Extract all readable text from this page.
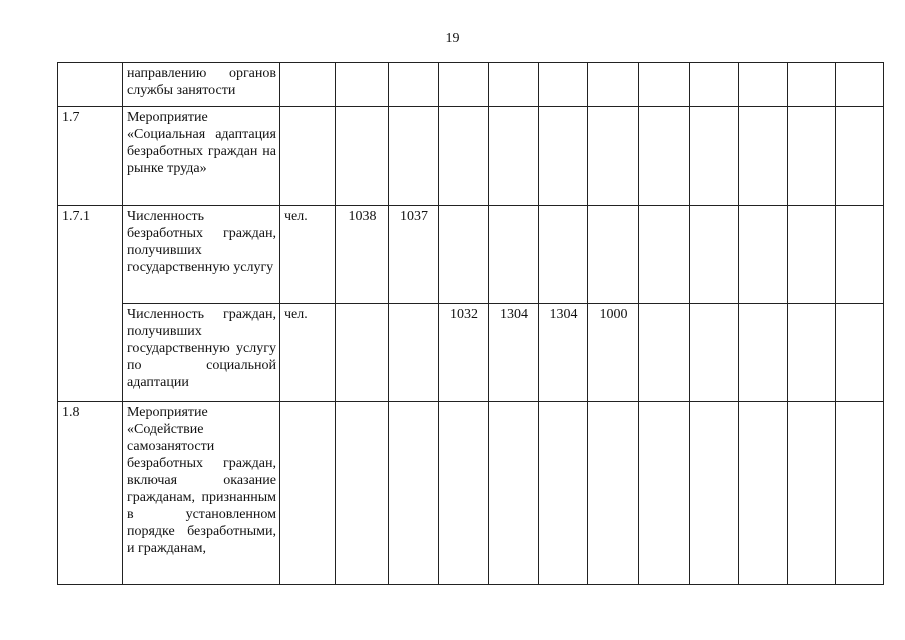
19
	направлению органов службы занятости													
1.7	Мероприятие «Социальная адаптация безработных граждан на рынке труда»													
1.7.1	Численность безработных граждан, получивших государственную услугу	чел.	1038	1037										
	Численность граждан, получивших государственную услугу по социальной адаптации	чел.			1032	1304	1304	1000						
1.8	Мероприятие «Содействие самозанятости безработных граждан, включая оказание гражданам, признанным в установленном порядке безработными, и гражданам,													
